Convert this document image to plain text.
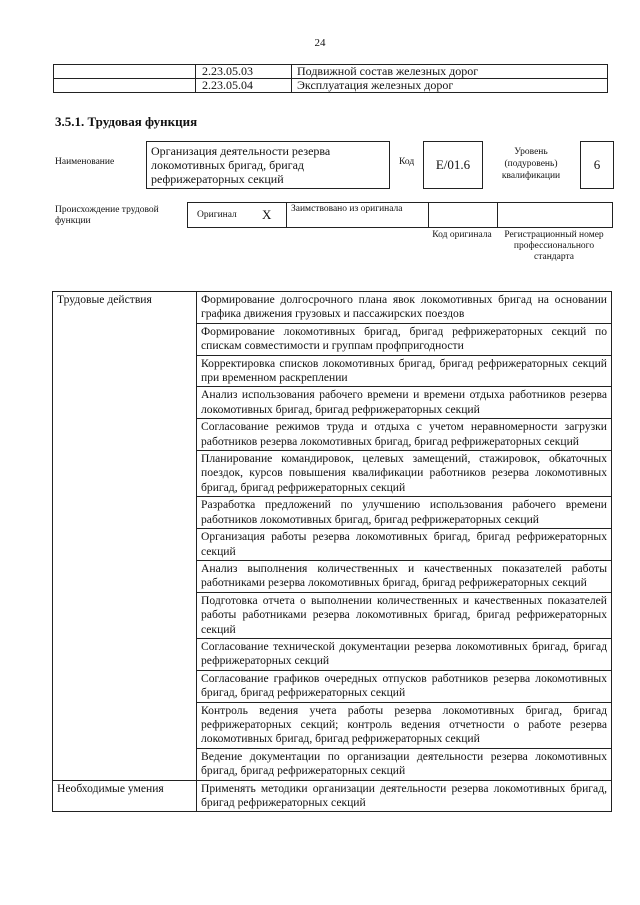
24
	2.23.05.03	Подвижной состав железных дорог
	2.23.05.04	Эксплуатация железных дорог
3.5.1. Трудовая функция
Наименование
Организация деятельности резерва локомотивных бригад, бригад рефрижераторных секций
Код	E/01.6
Уровень (подуровень) квалификации
6
Происхождение трудовой функции
Оригинал X	Заимствовано из оригинала
Код оригинала	Регистрационный номер профессионального стандарта
Трудовые действия	Формирование долгосрочного плана явок локомотивных бригад на основании графика движения грузовых и пассажирских поездов
	Формирование локомотивных бригад, бригад рефрижераторных секций по спискам совместимости и группам профпригодности
	Корректировка списков локомотивных бригад, бригад рефрижераторных секций при временном раскреплении
	Анализ использования рабочего времени и времени отдыха работников резерва локомотивных бригад, бригад рефрижераторных секций
	Согласование режимов труда и отдыха с учетом неравномерности загрузки работников резерва локомотивных бригад, бригад рефрижераторных секций
	Планирование командировок, целевых замещений, стажировок, обкаточных поездок, курсов повышения квалификации работников резерва локомотивных бригад, бригад рефрижераторных секций
	Разработка предложений по улучшению использования рабочего времени работников локомотивных бригад, бригад рефрижераторных секций
	Организация работы резерва локомотивных бригад, бригад рефрижераторных секций
	Анализ выполнения количественных и качественных показателей работы работниками резерва локомотивных бригад, бригад рефрижераторных секций
	Подготовка отчета о выполнении количественных и качественных показателей работы работниками резерва локомотивных бригад, бригад рефрижераторных секций
	Согласование технической документации резерва локомотивных бригад, бригад рефрижераторных секций
	Согласование графиков очередных отпусков работников резерва локомотивных бригад, бригад рефрижераторных секций
	Контроль ведения учета работы резерва локомотивных бригад, бригад рефрижераторных секций; контроль ведения отчетности о работе резерва локомотивных бригад, бригад рефрижераторных секций
	Ведение документации по организации деятельности резерва локомотивных бригад, бригад рефрижераторных секций
Необходимые умения	Применять методики организации деятельности резерва локомотивных бригад, бригад рефрижераторных секций
